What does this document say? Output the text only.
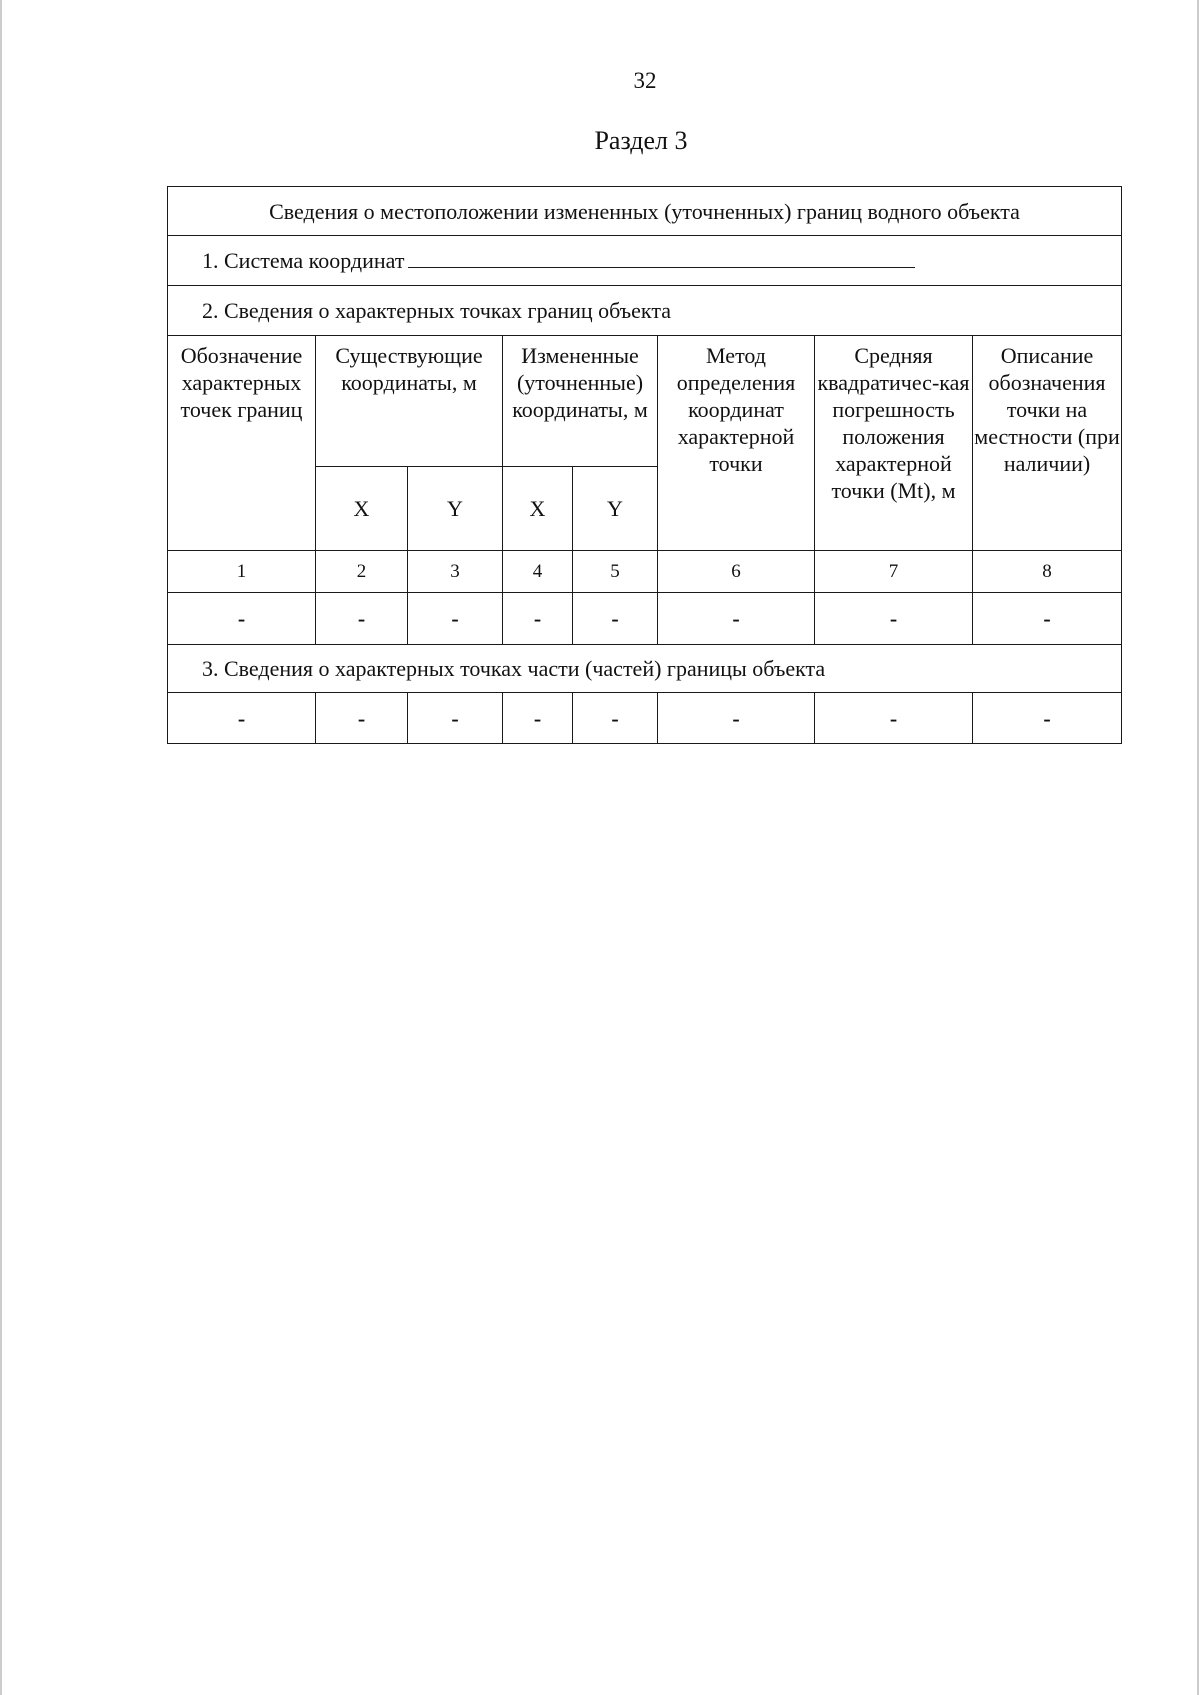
32
Раздел 3
Сведения о местоположении измененных (уточненных) границ водного объекта							
1. Система координат							
2. Сведения о характерных точках границ объекта							
Обозначение характерных точек границ	Существующие координаты, м		Измененные (уточненные) координаты, м		Метод определения координат характерной точки	Средняя квадратичес-кая погрешность положения характерной точки (Mt), м	Описание обозначения точки на местности (при наличии)
	X	Y	X	Y			
1	2	3	4	5	6	7	8
-	-	-	-	-	-	-	-
3. Сведения о характерных точках части (частей) границы объекта							
-	-	-	-	-	-	-	-
